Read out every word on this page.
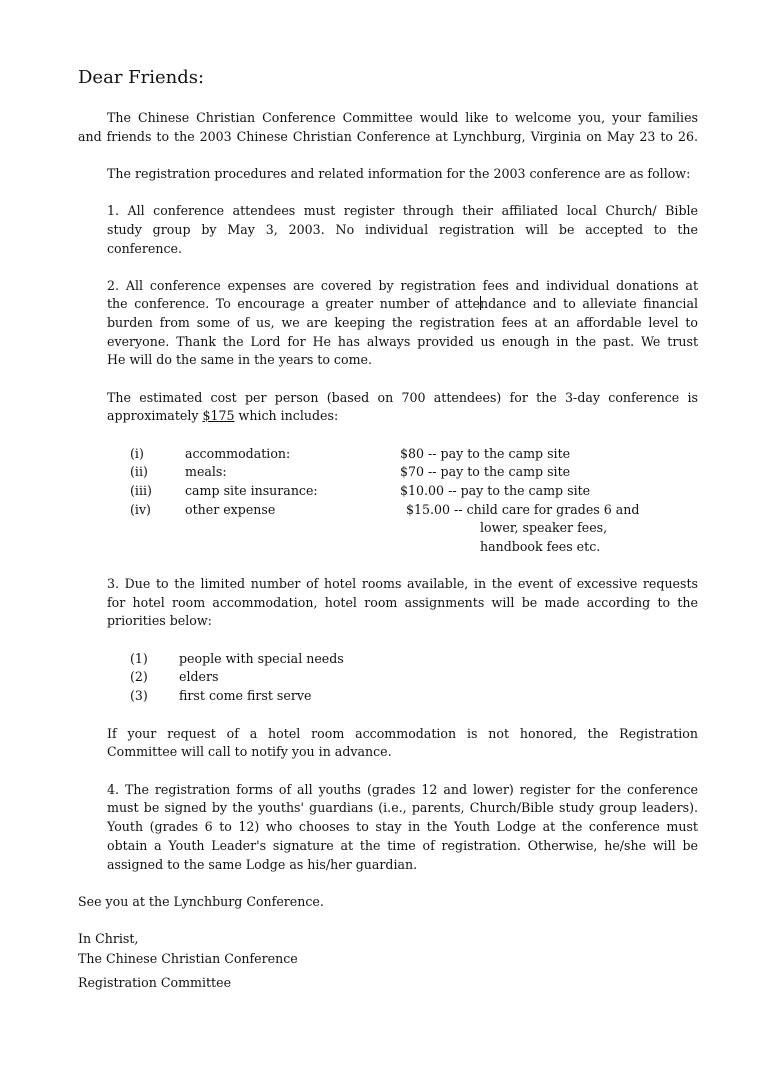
Dear Friends:
The Chinese Christian Conference Committee would like to welcome you, your families
and friends to the 2003 Chinese Christian Conference at Lynchburg, Virginia on May 23 to 26.
The registration procedures and related information for the 2003 conference are as follow:
1. All conference attendees must register through their affiliated local Church/ Bible
study group by May 3, 2003. No individual registration will be accepted to the
conference.
2. All conference expenses are covered by registration fees and individual donations at
the conference. To encourage a greater number of attendance and to alleviate financial
burden from some of us, we are keeping the registration fees at an affordable level to
everyone. Thank the Lord for He has always provided us enough in the past. We trust
He will do the same in the years to come.
The estimated cost per person (based on 700 attendees) for the 3-day conference is
approximately $175 which includes:
(i)	accommodation:	$80 -- pay to the camp site
(ii)	meals:	$70 -- pay to the camp site
(iii)	camp site insurance:	$10.00 -- pay to the camp site
(iv)	other expense	$15.00 -- child care for grades 6 and
lower, speaker fees,
handbook fees etc.
3. Due to the limited number of hotel rooms available, in the event of excessive requests
for hotel room accommodation, hotel room assignments will be made according to the
priorities below:
(1) people with special needs
(2) elders
(3) first come first serve
If your request of a hotel room accommodation is not honored, the Registration
Committee will call to notify you in advance.
4. The registration forms of all youths (grades 12 and lower) register for the conference
must be signed by the youths' guardians (i.e., parents, Church/Bible study group leaders).
Youth (grades 6 to 12) who chooses to stay in the Youth Lodge at the conference must
obtain a Youth Leader's signature at the time of registration. Otherwise, he/she will be
assigned to the same Lodge as his/her guardian.
See you at the Lynchburg Conference.
In Christ,
The Chinese Christian Conference
Registration Committee
